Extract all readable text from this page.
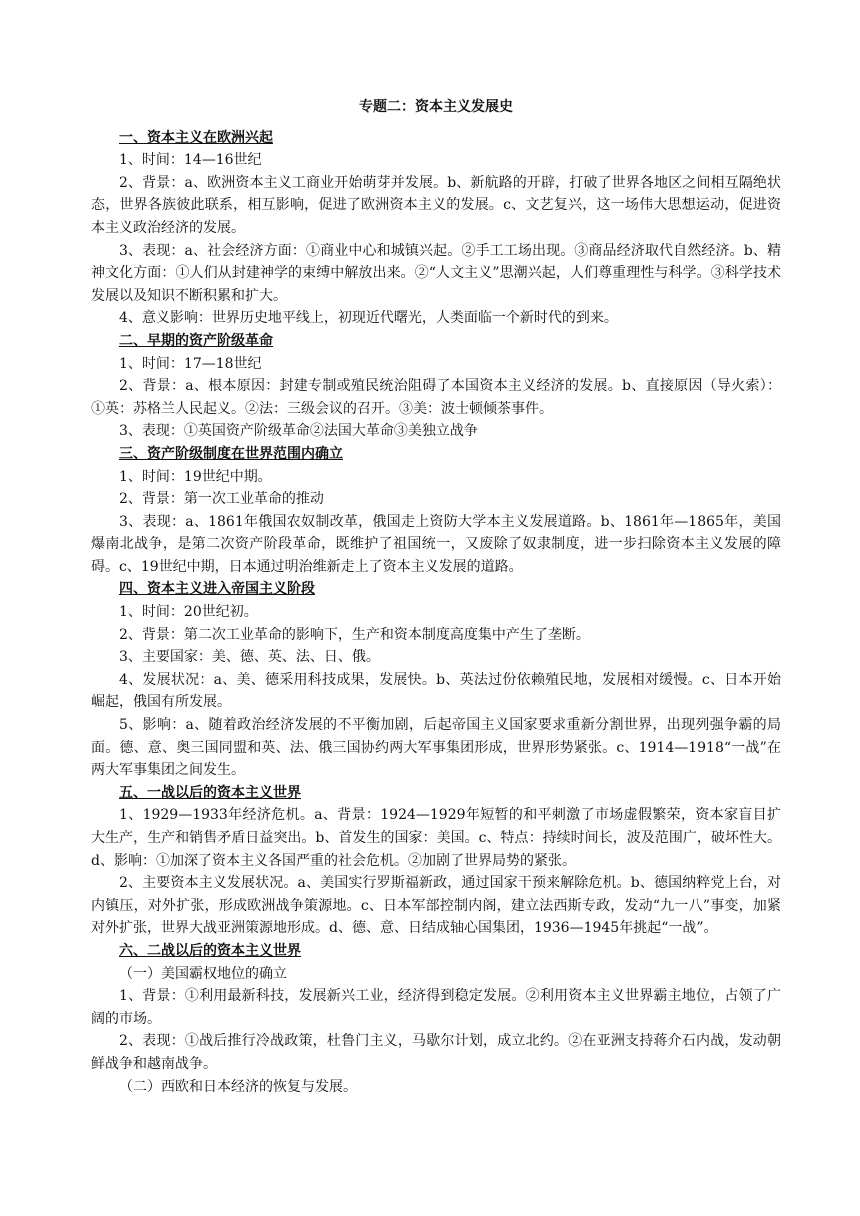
专题二：资本主义发展史
一、资本主义在欧洲兴起

1、时间：14—16世纪

2、背景：a、欧洲资本主义工商业开始萌芽并发展。b、新航路的开辟，打破了世界各地区之间相互隔绝状态，世界各族彼此联系，相互影响，促进了欧洲资本主义的发展。c、文艺复兴，这一场伟大思想运动，促进资本主义政治经济的发展。

3、表现：a、社会经济方面：①商业中心和城镇兴起。②手工工场出现。③商品经济取代自然经济。b、精神文化方面：①人们从封建神学的束缚中解放出来。②“人文主义”思潮兴起，人们尊重理性与科学。③科学技术发展以及知识不断积累和扩大。

4、意义影响：世界历史地平线上，初现近代曙光，人类面临一个新时代的到来。

二、早期的资产阶级革命

1、时间：17—18世纪

2、背景：a、根本原因：封建专制或殖民统治阻碍了本国资本主义经济的发展。b、直接原因（导火索）：①英：苏格兰人民起义。②法：三级会议的召开。③美：波士顿倾茶事件。

3、表现：①英国资产阶级革命②法国大革命③美独立战争

三、资产阶级制度在世界范围内确立

1、时间：19世纪中期。

2、背景：第一次工业革命的推动

3、表现：a、1861年俄国农奴制改革，俄国走上资防大学本主义发展道路。b、1861年—1865年，美国爆南北战争，是第二次资产阶段革命，既维护了祖国统一，又废除了奴隶制度，进一步扫除资本主义发展的障碍。c、19世纪中期，日本通过明治维新走上了资本主义发展的道路。

四、资本主义进入帝国主义阶段

1、时间：20世纪初。

2、背景：第二次工业革命的影响下，生产和资本制度高度集中产生了垄断。

3、主要国家：美、德、英、法、日、俄。

4、发展状况：a、美、德采用科技成果，发展快。b、英法过份依赖殖民地，发展相对缓慢。c、日本开始崛起，俄国有所发展。

5、影响：a、随着政治经济发展的不平衡加剧，后起帝国主义国家要求重新分割世界，出现列强争霸的局面。德、意、奥三国同盟和英、法、俄三国协约两大军事集团形成，世界形势紧张。c、1914—1918“一战”在两大军事集团之间发生。

五、一战以后的资本主义世界

1、1929—1933年经济危机。a、背景：1924—1929年短暂的和平刺激了市场虚假繁荣，资本家盲目扩大生产，生产和销售矛盾日益突出。b、首发生的国家：美国。c、特点：持续时间长，波及范围广，破坏性大。d、影响：①加深了资本主义各国严重的社会危机。②加剧了世界局势的紧张。

2、主要资本主义发展状况。a、美国实行罗斯福新政，通过国家干预来解除危机。b、德国纳粹党上台，对内镇压，对外扩张，形成欧洲战争策源地。c、日本军部控制内阁，建立法西斯专政，发动“九一八”事变，加紧对外扩张，世界大战亚洲策源地形成。d、德、意、日结成轴心国集团，1936—1945年挑起“一战”。

六、二战以后的资本主义世界

（一）美国霸权地位的确立

1、背景：①利用最新科技，发展新兴工业，经济得到稳定发展。②利用资本主义世界霸主地位，占领了广阔的市场。

2、表现：①战后推行冷战政策，杜鲁门主义，马歇尔计划，成立北约。②在亚洲支持蒋介石内战，发动朝鲜战争和越南战争。

（二）西欧和日本经济的恢复与发展。
